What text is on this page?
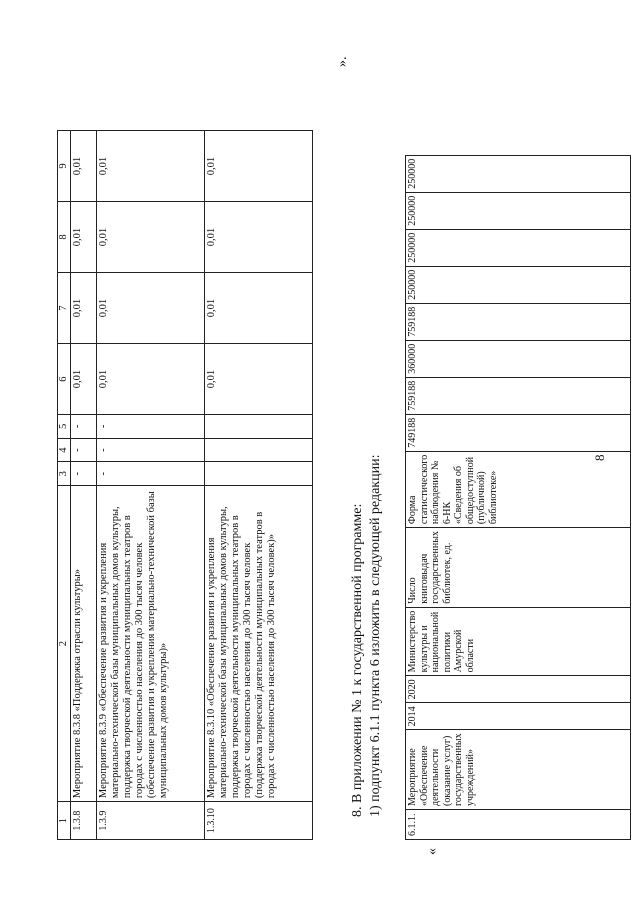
8
1	2	3	4	5	6	7	8	9
1.3.8	Мероприятие 8.3.8 «Поддержка отрасли культуры»	-	-	-	0,01	0,01	0,01	0,01
1.3.9	Мероприятие 8.3.9 «Обеспечение развития и укрепления материально-технической базы муниципальных домов культуры, поддержка творческой деятельности муниципальных театров в городах с численностью населения до 300 тысяч человек (обеспечение развития и укрепления материально-технической базы муниципальных домов культуры)»	-	-	-	0,01	0,01	0,01	0,01
1.3.10	Мероприятие 8.3.10 «Обеспечение развития и укрепления материально-технической базы муниципальных домов культуры, поддержка творческой деятельности муниципальных театров в городах с численностью населения до 300 тысяч человек (поддержка творческой деятельности муниципальных театров в городах с численностью населения до 300 тысяч человек)»				0,01	0,01	0,01	0,01
».
8. В приложении № 1 к государственной программе: 1) подпункт 6.1.1 пункта 6 изложить в следующей редакции:
«
6.1.1.	Мероприятие «Обеспечение деятельности (оказание услуг) государственных учреждений»	2014	2020	Министерство культуры и национальной политики Амурской области	Число книговыдач государственных библиотек, ед.	Форма статистического наблюдения № 6-НК «Сведения об общедоступной (публичной) библиотеке»	749188	759188	360000	759188	250000	250000	250000	250000
